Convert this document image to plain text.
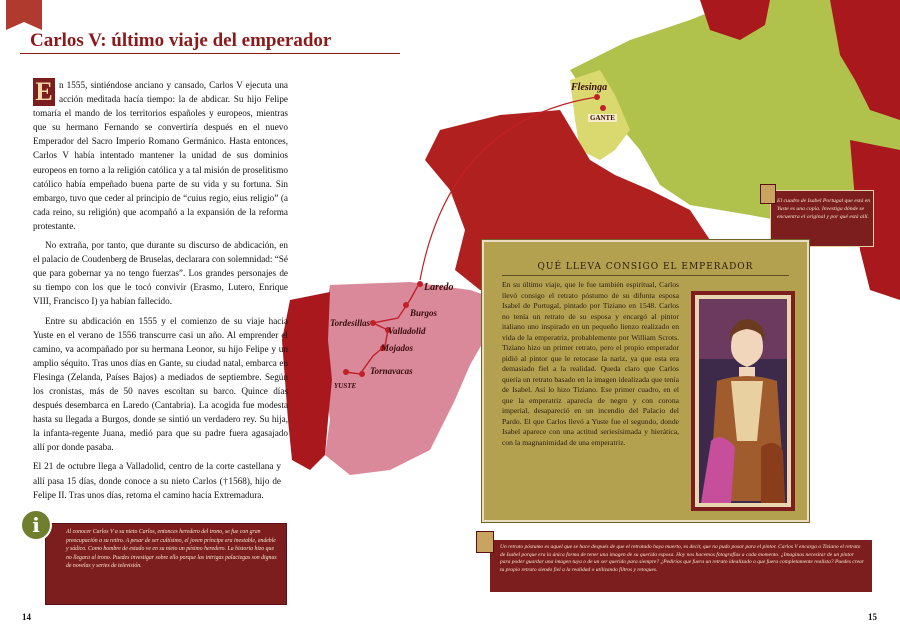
Flesinga
GANTE
Laredo
Burgos
Tordesillas
Valladolid
Mojados
Tornavacas
YUSTE
Carlos V: último viaje del emperador

E n 1555, sintiéndose anciano y cansado, Carlos V ejecuta una acción meditada hacía tiempo: la de abdicar. Su hijo Felipe tomaría el mando de los territorios españoles y europeos, mientras que su hermano Fernando se convertiría después en el nuevo Emperador del Sacro Imperio Romano Germánico. Hasta entonces, Carlos V había intentado mantener la unidad de sus dominios europeos en torno a la religión católica y a tal misión de proselitismo católico había empeñado buena parte de su vida y su fortuna. Sin embargo, tuvo que ceder al principio de “cuius regio, eius religio” (a cada reino, su religión) que acompañó a la expansión de la reforma protestante.

No extraña, por tanto, que durante su discurso de abdicación, en el palacio de Coudenberg de Bruselas, declarara con solemnidad: “Sé que para gobernar ya no tengo fuerzas”. Los grandes personajes de su tiempo con los que le tocó convivir (Erasmo, Lutero, Enrique VIII, Francisco I) ya habían fallecido.

Entre su abdicación en 1555 y el comienzo de su viaje hacia Yuste en el verano de 1556 transcurre casi un año. Al emprender el camino, va acompañado por su hermana Leonor, su hijo Felipe y un amplio séquito. Tras unos días en Gante, su ciudad natal, embarca en Flesinga (Zelanda, Países Bajos) a mediados de septiembre. Según los cronistas, más de 50 naves escoltan su barco. Quince días después desembarca en Laredo (Cantabria). La acogida fue modesta hasta su llegada a Burgos, donde se sintió un verdadero rey. Su hija, la infanta-regente Juana, medió para que su padre fuera agasajado allí por donde pasaba.

El 21 de octubre llega a Valladolid, centro de la corte castellana y allí pasa 15 días, donde conoce a su nieto Carlos (†1568), hijo de Felipe II. Tras unos días, retoma el camino hacia Extremadura.

Al conocer Carlos V a su nieto Carlos, entonces heredero del trono, se fue con gran preocupación a su retiro. A pesar de ser cultísimo, el joven príncipe era inestable, endeble y sádico. Como hombre de estado ve en su nieto un pésimo heredero. La historia hizo que no llegara al trono. Puedes investigar sobre ello porque las intrigas palaciegas son dignas de novelas y series de televisión.
i
El cuadro de Isabel Portugal que está en Yuste es una copia. Investiga dónde se encuentra el original y por qué está allí.
QUÉ LLEVA CONSIGO EL EMPERADOR
En su último viaje, que le fue también espiritual, Carlos llevó consigo el retrato póstumo de su difunta esposa Isabel de Portugal, pintado por Tiziano en 1548. Carlos no tenía un retrato de su esposa y encargó al pintor italiano uno inspirado en un pequeño lienzo realizado en vida de la emperatriz, probablemente por William Scrots. Tiziano hizo un primer retrato, pero el propio emperador pidió al pintor que le retocase la nariz, ya que esta era demasiado fiel a la realidad. Queda claro que Carlos quería un retrato basado en la imagen idealizada que tenía de Isabel. Así lo hizo Tiziano. Ese primer cuadro, en el que la emperatriz aparecía de negro y con corona imperial, desapareció en un incendio del Palacio del Pardo. El que Carlos llevó a Yuste fue el segundo, donde Isabel aparece con una actitud seriesísimada y hierática, con la magnanimidad de una emperatriz.
Un retrato póstumo es aquel que se hace después de que el retratado haya muerto, es decir, que no pudo posar para el pintor. Carlos V encarga a Tiziano el retrato de Isabel porque era la única forma de tener una imagen de su querida esposa. Hoy nos hacemos fotografías a cada momento. ¿Imaginas necesitar de un pintor para poder guardar una imagen tuya o de un ser querido para siempre? ¿Pedirías que fuera un retrato idealizado o que fuera completamente realista? Puedes crear tu propio retrato siendo fiel a la realidad o utilizando filtros y retoques.
14	15
